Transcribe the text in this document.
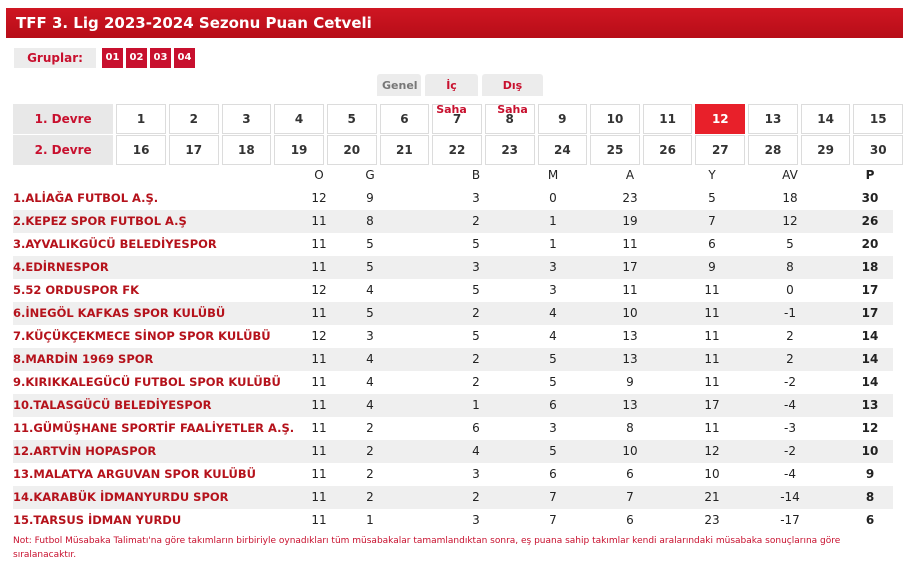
TFF 3. Lig 2023-2024 Sezonu Puan Cetveli
Gruplar:	01	02	03	04
Genel	İç Saha
Dış Saha
1. Devre	1	2	3	4	5	6	7	8	9	10	11	12	13	14	15
2. Devre	16	17	18	19	20	21	22	23	24	25	26	27	28	29	30
O	G	B	M	A	Y	AV	P
1.ALİAĞA FUTBOL A.Ş.	12	9	3	0	23	5	18	30
2.KEPEZ SPOR FUTBOL A.Ş	11	8	2	1	19	7	12	26
3.AYVALIKGÜCÜ BELEDİYESPOR	11	5	5	1	11	6	5	20
4.EDİRNESPOR	11	5	3	3	17	9	8	18
5.52 ORDUSPOR FK	12	4	5	3	11	11	0	17
6.İNEGÖL KAFKAS SPOR KULÜBÜ	11	5	2	4	10	11	-1	17
7.KÜÇÜKÇEKMECE SİNOP SPOR KULÜBÜ	12	3	5	4	13	11	2	14
8.MARDİN 1969 SPOR	11	4	2	5	13	11	2	14
9.KIRIKKALEGÜCÜ FUTBOL SPOR KULÜBÜ	11	4	2	5	9	11	-2	14
10.TALASGÜCÜ BELEDİYESPOR	11	4	1	6	13	17	-4	13
11.GÜMÜŞHANE SPORTİF FAALİYETLER A.Ş.	11	2	6	3	8	11	-3	12
12.ARTVİN HOPASPOR	11	2	4	5	10	12	-2	10
13.MALATYA ARGUVAN SPOR KULÜBÜ	11	2	3	6	6	10	-4	9
14.KARABÜK İDMANYURDU SPOR	11	2	2	7	7	21	-14	8
15.TARSUS İDMAN YURDU	11	1	3	7	6	23	-17	6
Not: Futbol Müsabaka Talimatı'na göre takımların birbiriyle oynadıkları tüm müsabakalar tamamlandıktan sonra, eş puana sahip takımlar kendi aralarındaki müsabaka sonuçlarına göre sıralanacaktır.
